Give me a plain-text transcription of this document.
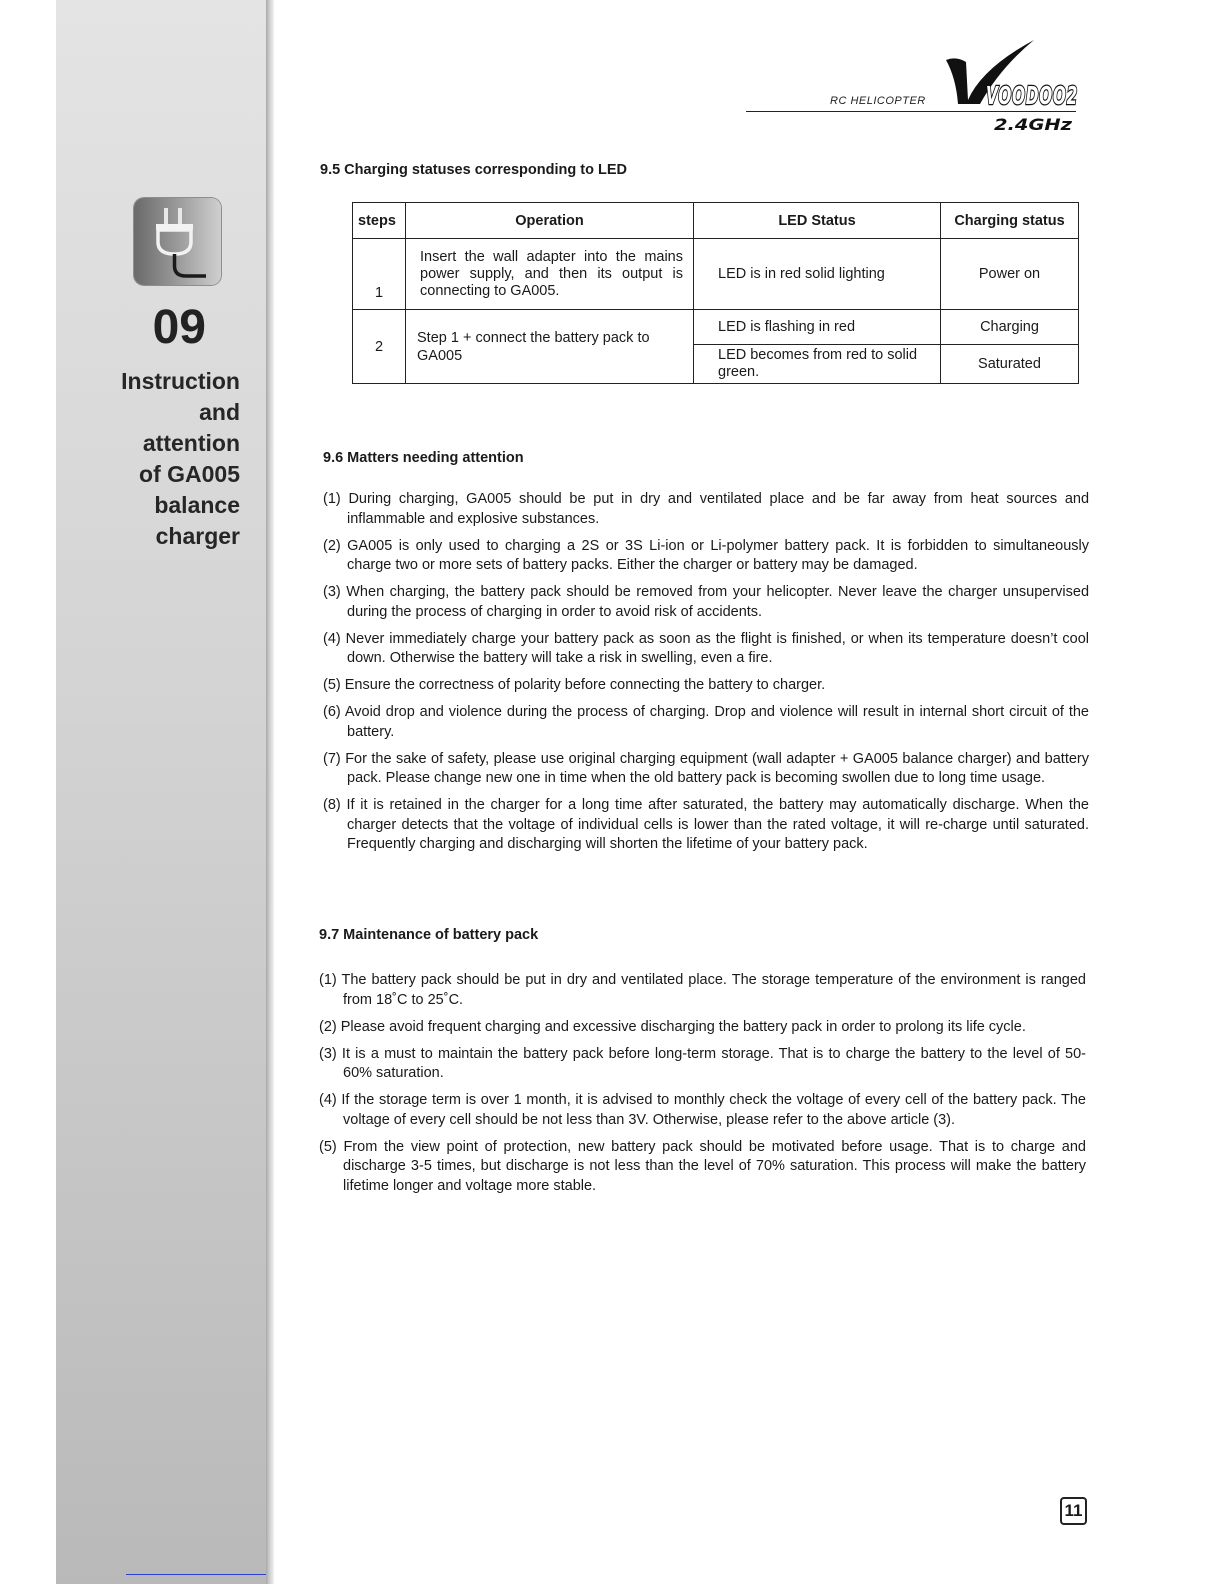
09
Instruction
and
attention
of GA005
balance
charger
RC HELICOPTER VOODOO2
2.4GHz
9.5 Charging statuses corresponding to LED
steps	Operation	LED Status	Charging status
1	Insert the wall adapter into the mains power supply, and then its output is connecting to GA005.	LED is in red solid lighting	Power on
2	Step 1 + connect the battery pack to GA005	LED is flashing in red	Charging
		LED becomes from red to solid green.	Saturated
9.6 Matters needing attention
(1) During charging, GA005 should be put in dry and ventilated place and be far away from heat sources and inflammable and explosive substances.
(2) GA005 is only used to charging a 2S or 3S Li-ion or Li-polymer battery pack. It is forbidden to simultaneously charge two or more sets of battery packs. Either the charger or battery may be damaged.
(3) When charging, the battery pack should be removed from your helicopter. Never leave the charger unsupervised during the process of charging in order to avoid risk of accidents.
(4) Never immediately charge your battery pack as soon as the flight is finished, or when its temperature doesn’t cool down. Otherwise the battery will take a risk in swelling, even a fire.
(5) Ensure the correctness of polarity before connecting the battery to charger.
(6) Avoid drop and violence during the process of charging. Drop and violence will result in internal short circuit of the battery.
(7) For the sake of safety, please use original charging equipment (wall adapter + GA005 balance charger) and battery pack. Please change new one in time when the old battery pack is becoming swollen due to long time usage.
(8) If it is retained in the charger for a long time after saturated, the battery may automatically discharge. When the charger detects that the voltage of individual cells is lower than the rated voltage, it will re-charge until saturated. Frequently charging and discharging will shorten the lifetime of your battery pack.
9.7 Maintenance of battery pack
(1) The battery pack should be put in dry and ventilated place. The storage temperature of the environment is ranged from 18˚C to 25˚C.
(2) Please avoid frequent charging and excessive discharging the battery pack in order to prolong its life cycle.
(3) It is a must to maintain the battery pack before long-term storage. That is to charge the battery to the level of 50-60% saturation.
(4) If the storage term is over 1 month, it is advised to monthly check the voltage of every cell of the battery pack. The voltage of every cell should be not less than 3V. Otherwise, please refer to the above article (3).
(5) From the view point of protection, new battery pack should be motivated before usage. That is to charge and discharge 3-5 times, but discharge is not less than the level of 70% saturation. This process will make the battery lifetime longer and voltage more stable.
11
